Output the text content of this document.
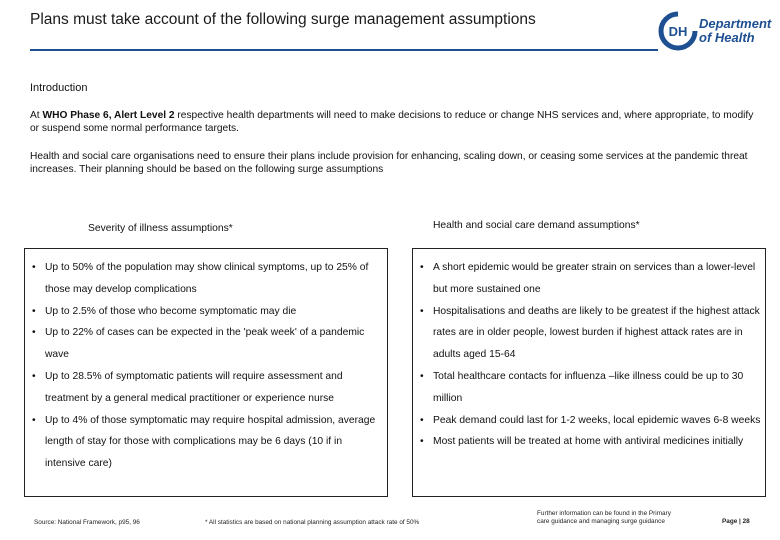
Plans must take account of the following surge management assumptions
DH
Department
of Health
Introduction
At WHO Phase 6, Alert Level 2 respective health departments will need to make decisions to reduce or change NHS services and, where appropriate, to modify or suspend some normal performance targets.
Health and social care organisations need to ensure their plans include provision for enhancing, scaling down, or ceasing some services at the pandemic threat increases. Their planning should be based on the following surge assumptions
Severity of illness assumptions*	Health and social care demand assumptions*
• Up to 50% of the population may show clinical symptoms, up to 25% of those may develop complications
• Up to 2.5% of those who become symptomatic may die
• Up to 22% of cases can be expected in the 'peak week' of a pandemic wave
• Up to 28.5% of symptomatic patients will require assessment and treatment by a general medical practitioner or experience nurse
• Up to 4% of those symptomatic may require hospital admission, average length of stay for those with complications may be 6 days (10 if in intensive care)
• A short epidemic would be greater strain on services than a lower-level but more sustained one
• Hospitalisations and deaths are likely to be greatest if the highest attack rates are in older people, lowest burden if highest attack rates are in adults aged 15-64
• Total healthcare contacts for influenza –like illness could be up to 30 million
• Peak demand could last for 1-2 weeks, local epidemic waves 6-8 weeks
• Most patients will be treated at home with antiviral medicines initially
Source: National Framework, p95, 96	* All statistics are based on national planning assumption attack rate of 50%
Further information can be found in the Primary
care guidance and managing surge guidance	Page | 28
